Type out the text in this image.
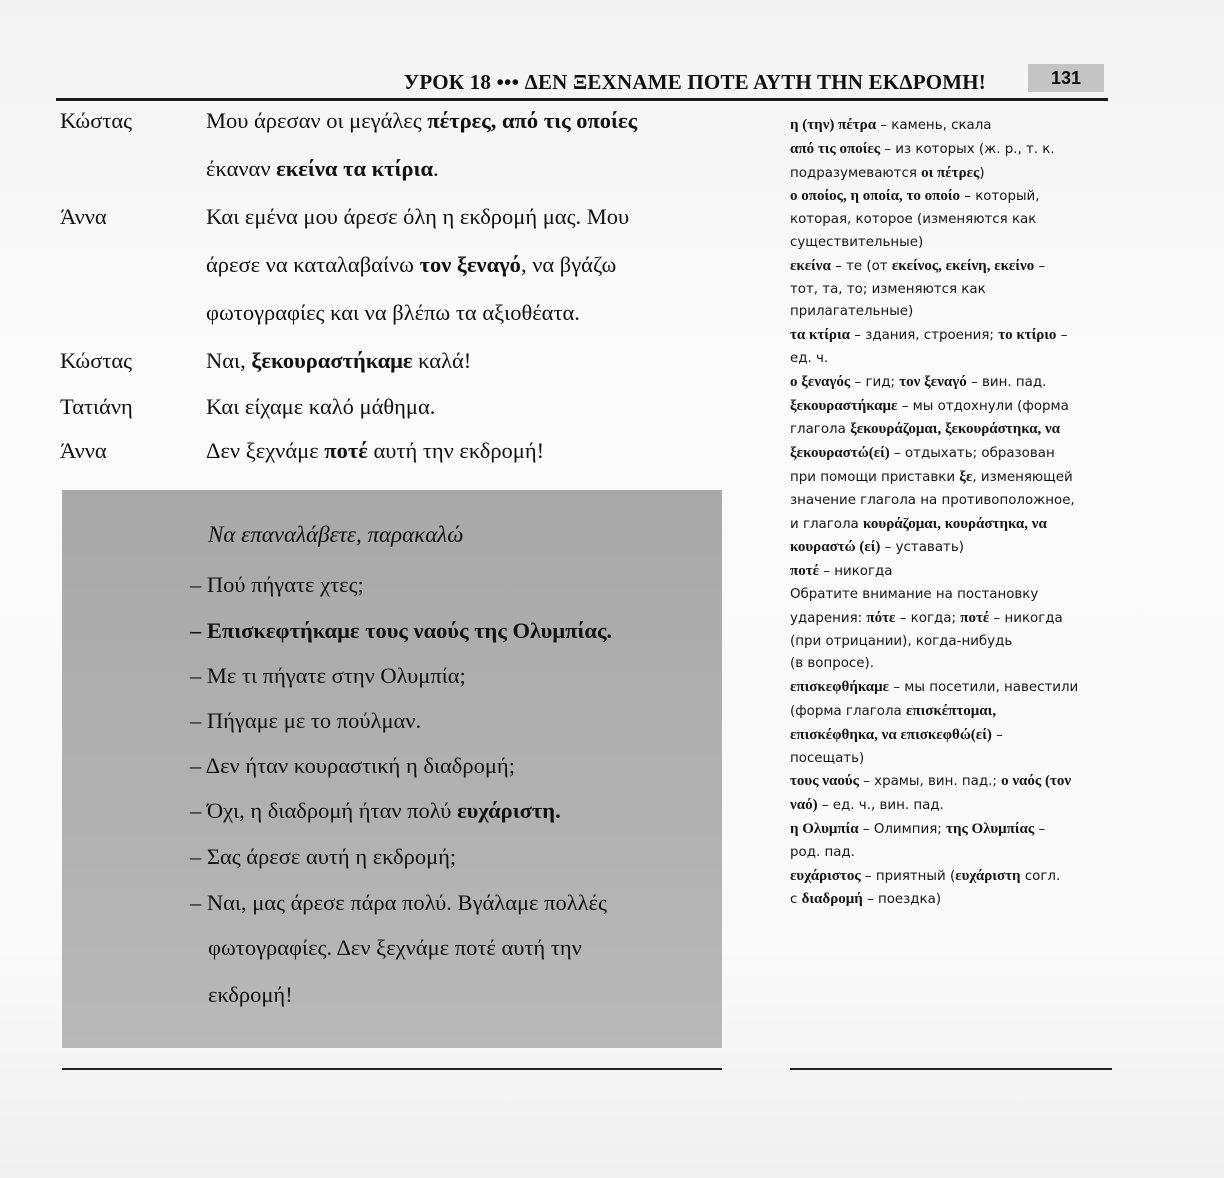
УРОК 18 ••• ΔΕΝ ΞΕΧΝΑΜΕ ΠΟΤΕ ΑΥΤΗ ΤΗΝ ΕΚΔΡΟΜΗ!	131
Κώστας	Μου άρεσαν οι μεγάλες πέτρες, από τις οποίες
έκαναν εκείνα τα κτίρια.
Άννα	Και εμένα μου άρεσε όλη η εκδρομή μας. Μου
άρεσε να καταλαβαίνω τον ξεναγό, να βγάζω
φωτογραφίες και να βλέπω τα αξιοθέατα.
Κώστας	Ναι, ξεκουραστήκαμε καλά!
Τατιάνη	Και είχαμε καλό μάθημα.
Άννα	Δεν ξεχνάμε ποτέ αυτή την εκδρομή!
Να επαναλάβετε, παρακαλώ
– Πού πήγατε χτες;
– Επισκεφτήκαμε τους ναούς της Ολυμπίας.
– Με τι πήγατε στην Ολυμπία;
– Πήγαμε με το πούλμαν.
– Δεν ήταν κουραστική η διαδρομή;
– Όχι, η διαδρομή ήταν πολύ ευχάριστη.
– Σας άρεσε αυτή η εκδρομή;
– Ναι, μας άρεσε πάρα πολύ. Βγάλαμε πολλές
φωτογραφίες. Δεν ξεχνάμε ποτέ αυτή την
εκδρομή!
η (την) πέτρα – камень, скала
από τις οποίες – из которых (ж. р., т. к.
подразумеваются οι πέτρες)
ο οποίος, η οποία, το οποίο – который,
которая, которое (изменяются как
существительные)
εκείνα – те (от εκείνος, εκείνη, εκείνο –
тот, та, то; изменяются как
прилагательные)
τα κτίρια – здания, строения; το κτίριο –
ед. ч.
ο ξεναγός – гид; τον ξεναγό – вин. пад.
ξεκουραστήκαμε – мы отдохнули (форма
глагола ξεκουράζομαι, ξεκουράστηκα, να
ξεκουραστώ(εί) – отдыхать; образован
при помощи приставки ξε, изменяющей
значение глагола на противоположное,
и глагола κουράζομαι, κουράστηκα, να
κουραστώ (εί) – уставать)
ποτέ – никогда
Обратите внимание на постановку
ударения: πότε – когда; ποτέ – никогда
(при отрицании), когда-нибудь
(в вопросе).
επισκεφθήκαμε – мы посетили, навестили
(форма глагола επισκέπτομαι,
επισκέφθηκα, να επισκεφθώ(εί) –
посещать)
τους ναούς – храмы, вин. пад.; ο ναός (τον
ναό) – ед. ч., вин. пад.
η Ολυμπία – Олимпия; της Ολυμπίας –
род. пад.
ευχάριστος – приятный (ευχάριστη согл.
с διαδρομή – поездка)
